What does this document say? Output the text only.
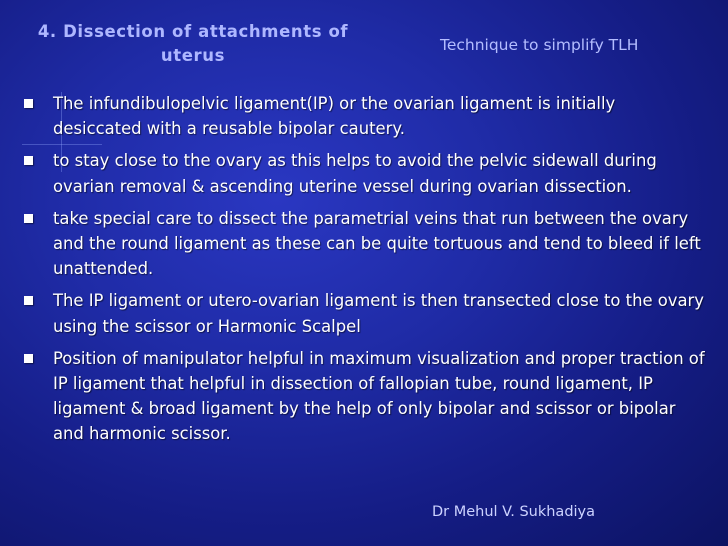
4. Dissection of attachments of uterus
Technique to simplify TLH
The infundibulopelvic ligament(IP) or the ovarian ligament is initially desiccated with a reusable bipolar cautery.
to stay close to the ovary as this helps to avoid the pelvic sidewall during ovarian removal & ascending uterine vessel during ovarian dissection.
take special care to dissect the parametrial veins that run between the ovary and the round ligament as these can be quite tortuous and tend to bleed if left unattended.
The IP ligament or utero-ovarian ligament is then transected close to the ovary using the scissor or Harmonic Scalpel
Position of manipulator helpful in maximum visualization and proper traction of IP ligament that helpful in dissection of fallopian tube, round ligament, IP ligament & broad ligament by the help of only bipolar and scissor or bipolar and harmonic scissor.
Dr Mehul V. Sukhadiya
